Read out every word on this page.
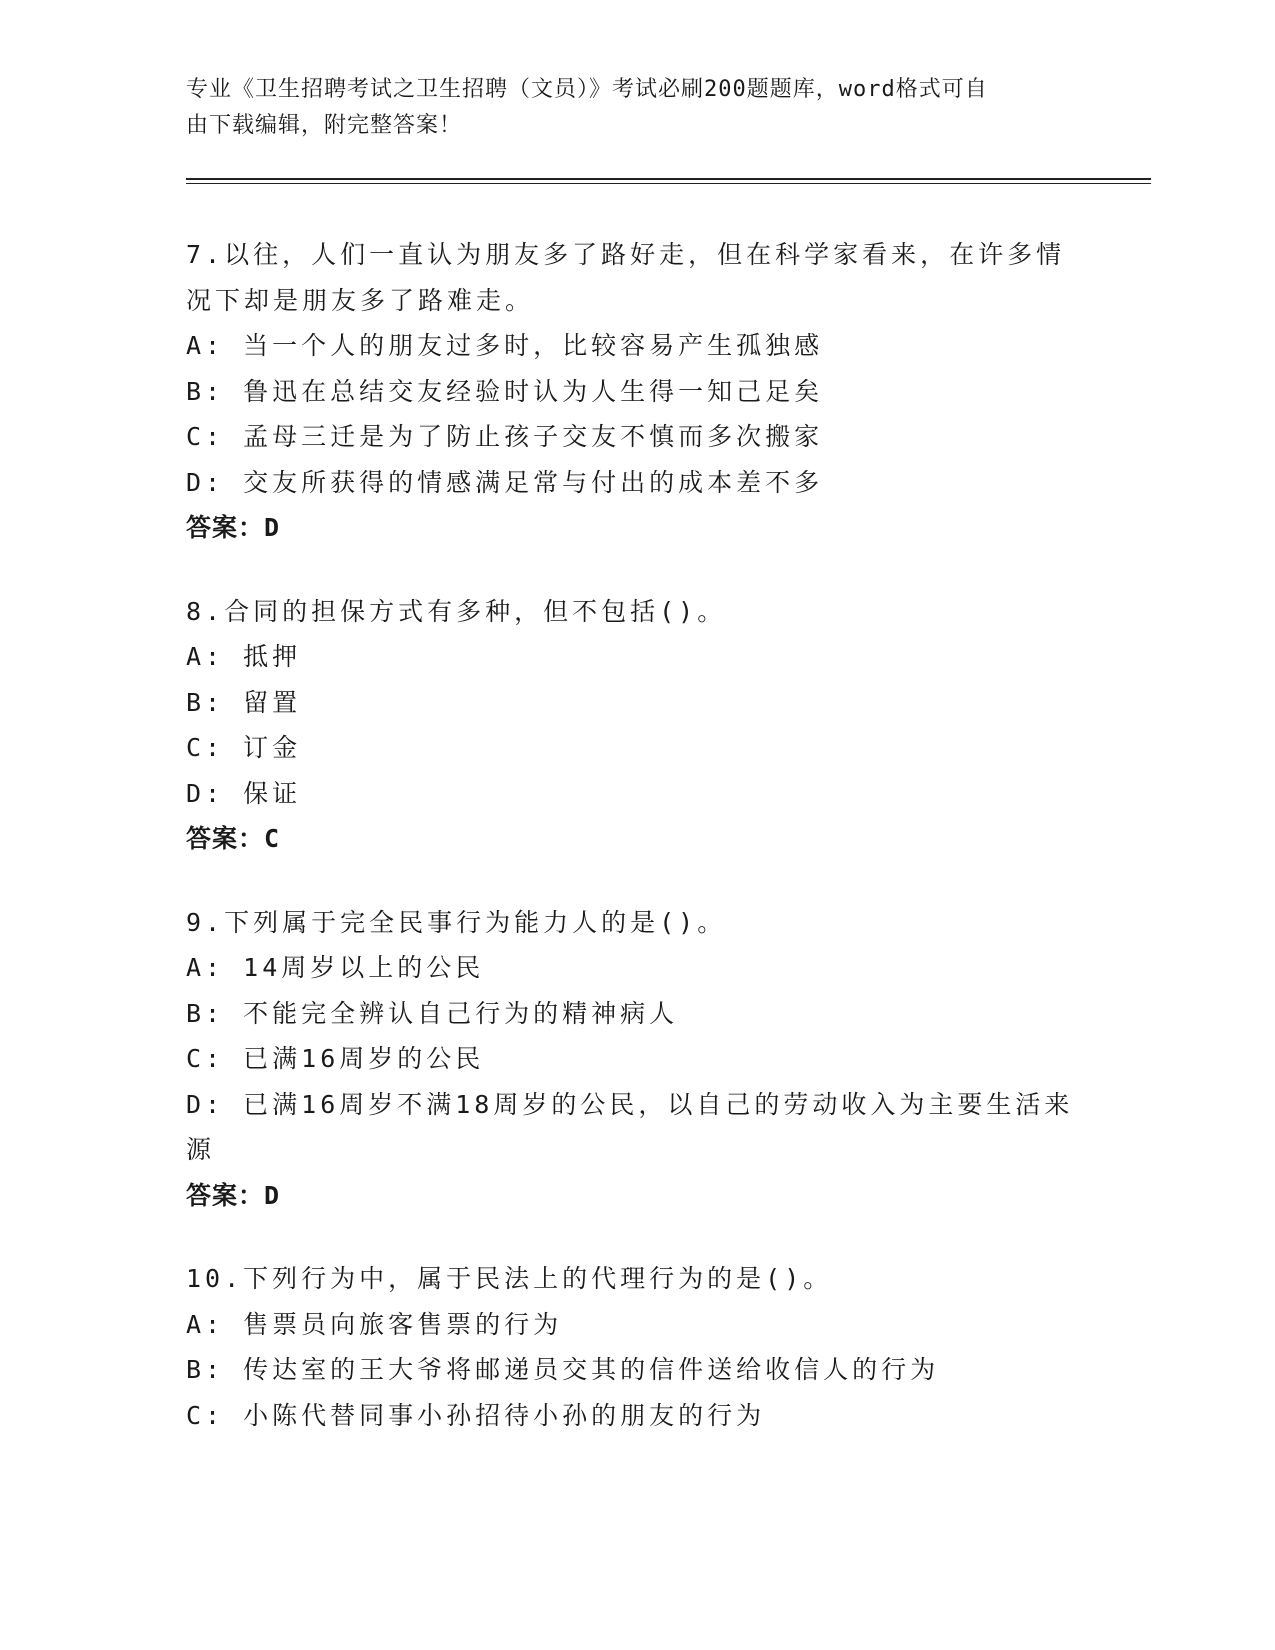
专业《卫生招聘考试之卫生招聘（文员）》考试必刷200题题库，word格式可自
由下载编辑，附完整答案！
7.以往，人们一直认为朋友多了路好走，但在科学家看来，在许多情
况下却是朋友多了路难走。
A: 当一个人的朋友过多时，比较容易产生孤独感
B: 鲁迅在总结交友经验时认为人生得一知己足矣
C: 孟母三迁是为了防止孩子交友不慎而多次搬家
D: 交友所获得的情感满足常与付出的成本差不多
答案：D
8.合同的担保方式有多种，但不包括()。
A: 抵押
B: 留置
C: 订金
D: 保证
答案：C
9.下列属于完全民事行为能力人的是()。
A: 14周岁以上的公民
B: 不能完全辨认自己行为的精神病人
C: 已满16周岁的公民
D: 已满16周岁不满18周岁的公民，以自己的劳动收入为主要生活来
源
答案：D
10.下列行为中，属于民法上的代理行为的是()。
A: 售票员向旅客售票的行为
B: 传达室的王大爷将邮递员交其的信件送给收信人的行为
C: 小陈代替同事小孙招待小孙的朋友的行为
